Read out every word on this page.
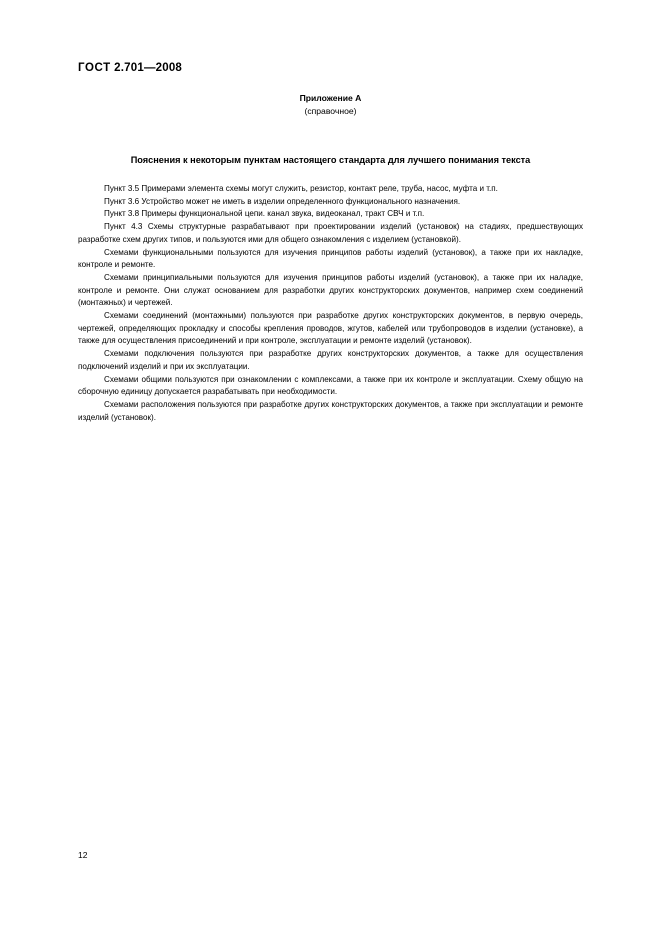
ГОСТ 2.701—2008
Приложение А
(справочное)
Пояснения к некоторым пунктам настоящего стандарта для лучшего понимания текста

Пункт 3.5 Примерами элемента схемы могут служить, резистор, контакт реле, труба, насос, муфта и т.п.

Пункт 3.6 Устройство может не иметь в изделии определенного функционального назначения.

Пункт 3.8 Примеры функциональной цепи. канал звука, видеоканал, тракт СВЧ и т.п.

Пункт 4.3 Схемы структурные разрабатывают при проектировании изделий (установок) на стадиях, предшествующих разработке схем других типов, и пользуются ими для общего ознакомления с изделием (установкой).

Схемами функциональными пользуются для изучения принципов работы изделий (установок), а также при их накладке, контроле и ремонте.

Схемами принципиальными пользуются для изучения принципов работы изделий (установок), а также при их наладке, контроле и ремонте. Они служат основанием для разработки других конструкторских документов, например схем соединений (монтажных) и чертежей.

Схемами соединений (монтажными) пользуются при разработке других конструкторских документов, в первую очередь, чертежей, определяющих прокладку и способы крепления проводов, жгутов, кабелей или трубопроводов в изделии (установке), а также для осуществления присоединений и при контроле, эксплуатации и ремонте изделий (установок).

Схемами подключения пользуются при разработке других конструкторских документов, а также для осуществления подключений изделий и при их эксплуатации.

Схемами общими пользуются при ознакомлении с комплексами, а также при их контроле и эксплуатации. Схему общую на сборочную единицу допускается разрабатывать при необходимости.

Схемами расположения пользуются при разработке других конструкторских документов, а также при эксплуатации и ремонте изделий (установок).

12
